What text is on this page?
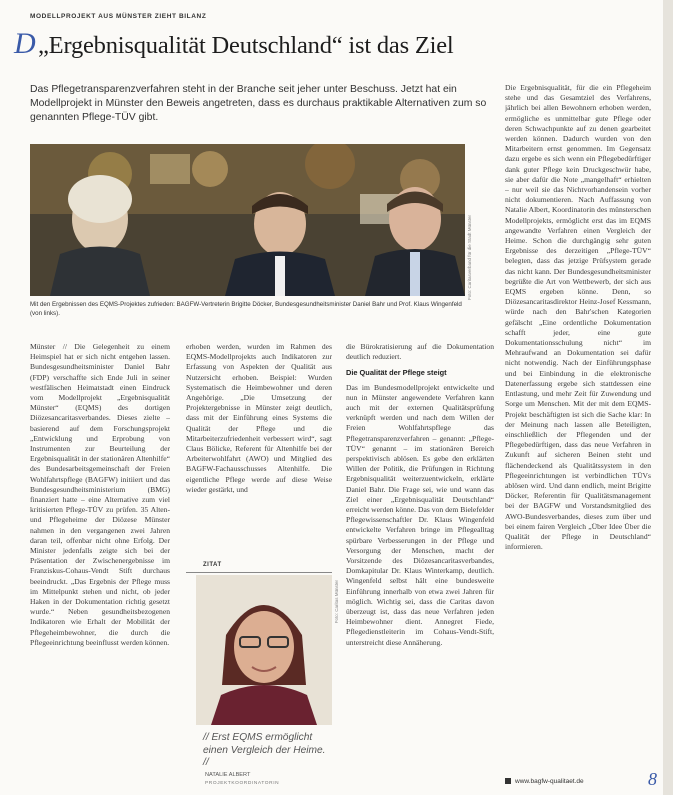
D
MODELLPROJEKT AUS MÜNSTER ZIEHT BILANZ
„Ergebnisqualität Deutschland“ ist das Ziel
Das Pflegetransparenzverfahren steht in der Branche seit jeher unter Beschuss. Jetzt hat ein Modellprojekt in Münster den Beweis angetreten, dass es durchaus praktikable Alternativen zum so genannten Pflege-TÜV gibt.
Foto: Caritasverband für die Stadt Münster
Mit den Ergebnissen des EQMS-Projektes zufrieden: BAGFW-Vertreterin Brigitte Döcker, Bundesgesundheitsminister Daniel Bahr und Prof. Klaus Wingenfeld (von links).
Münster // Die Gelegenheit zu einem Heimspiel hat er sich nicht entgehen lassen. Bundesgesundheitsminister Daniel Bahr (FDP) verschaffte sich Ende Juli in seiner westfälischen Heimatstadt einen Eindruck vom Modellprojekt „Ergebnisqualität Münster“ (EQMS) des dortigen Diözesancaritasverbandes. Dieses zielte – basierend auf dem Forschungsprojekt „Entwicklung und Erprobung von Instrumenten zur Beurteilung der Ergebnisqualität in der stationären Altenhilfe“ des Bundesarbeitsgemeinschaft der Freien Wohlfahrtspflege (BAGFW) initiiert und das Bundesgesundheitsministerium (BMG) finanziert hatte – eine Alternative zum viel kritisierten Pflege-TÜV zu prüfen. 35 Alten- und Pflegeheime der Diözese Münster nahmen in den vergangenen zwei Jahren daran teil, offenbar nicht ohne Erfolg. Der Minister jedenfalls zeigte sich bei der Präsentation der Zwischenergebnisse im Franziskus-Cohaus-Vendt Stift durchaus beeindruckt. „Das Ergebnis der Pflege muss im Mittelpunkt stehen und nicht, ob jeder Haken in der Dokumentation richtig gesetzt wurde.“ Neben gesundheitsbezogenen Indikatoren wie Erhalt der Mobilität der Pflegeheimbewohner, die durch die Pflegeeinrichtung beeinflusst werden können.
erhoben werden, wurden im Rahmen des EQMS-Modellprojekts auch Indikatoren zur Erfassung von Aspekten der Qualität aus Nutzersicht erhoben. Beispiel: Wurden Systematisch die Heimbewohner und deren Angehörige. „Die Umsetzung der Projektergebnisse in Münster zeigt deutlich, dass mit der Einführung eines Systems die Qualität der Pflege und die Mitarbeiterzufriedenheit verbessert wird“, sagt Claus Bölicke, Referent für Altenhilfe bei der Arbeiterwohlfahrt (AWO) und Mitglied des BAGFW-Fachausschusses Altenhilfe. Die eigentliche Pflege werde auf diese Weise wieder gestärkt, und
die Bürokratisierung auf die Dokumentation deutlich reduziert.
Die Qualität der Pflege steigt
Das im Bundesmodellprojekt entwickelte und nun in Münster angewendete Verfahren kann auch mit der externen Qualitätsprüfung verknüpft werden und nach dem Willen der Freien Wohlfahrtspflege das Pflegetransparenzverfahren – genannt: „Pflege-TÜV“ genannt – im stationären Bereich perspektivisch ablösen. Es gebe den erklärten Willen der Politik, die Prüfungen in Richtung Ergebnisqualität weiterzuentwickeln, erklärte Daniel Bahr. Die Frage sei, wie und wann das Ziel einer „Ergebnisqualität Deutschland“ erreicht werden könne. Das von dem Bielefelder Pflegewissenschaftler Dr. Klaus Wingenfeld entwickelte Verfahren bringe im Pflegealltag spürbare Verbesserungen in der Pflege und Versorgung der Menschen, macht der Vorsitzende des Diözesancaritasverbandes, Domkapitular Dr. Klaus Winterkamp, deutlich. Wingenfeld selbst hält eine bundesweite Einführung innerhalb von etwa zwei Jahren für möglich. Wichtig sei, dass die Caritas davon überzeugt ist, dass das neue Verfahren jeden Heimbewohner dient. Annegret Fiede, Pflegedienstleiterin im Cohaus-Vendt-Stift, unterstreicht diese Annäherung.
Die Ergebnisqualität, für die ein Pflegeheim stehe und das Gesamtziel des Verfahrens, jährlich bei allen Bewohnern erhoben werden, ermögliche es unmittelbar gute Pflege oder deren Schwachpunkte auf zu denen gearbeitet werden können. Dadurch wurden von den Mitarbeitern ernst genommen. Im Gegensatz dazu ergebe es sich wenn ein Pflegebedürftiger dank guter Pflege kein Druckgeschwür habe, sie aber dafür die Note „mangelhaft“ erhielten – nur weil sie das Nichtvorhandensein vorher nicht dokumentieren. Nach Auffassung von Natalie Albert, Koordinatorin des münsterschen Modellprojekts, ermöglicht erst das im EQMS angewandte Verfahren einen Vergleich der Heime. Schon die durchgängig sehr guten Ergebnisse des derzeitigen „Pflege-TÜV“ belegten, dass das jetzige Prüfsystem gerade das nicht kann. Der Bundesgesundheitsminister begrüßte die Art von Wettbewerb, der sich aus EQMS ergeben könne. Denn, so Diözesancaritasdirektor Heinz-Josef Kessmann, würde nach den Bahr'schen Kategorien gefälscht „Eine ordentliche Dokumentation schafft jeder, eine gute Dokumentationsschulung nicht“ im Mehraufwand an Dokumentation sei dafür nicht notwendig. Nach der Einführungsphase und bei Einbindung in die elektronische Datenerfassung ergebe sich stattdessen eine Entlastung, und mehr Zeit für Zuwendung und Sorge um Menschen. Mit der mit dem EQMS-Projekt beschäftigten ist sich die Sache klar: In der Meinung nach lassen alle Beteiligten, einschließlich der Pflegenden und der Pflegebedürftigen, dass das neue Verfahren in Zukunft auf sicheren Beinen steht und flächendeckend als Qualitätssystem in den Pflegeeinrichtungen ist verbindlichen TÜVs ablösen wird. Und dann endlich, meint Brigitte Döcker, Referentin für Qualitätsmanagement bei der BAGFW und Vorstandsmitglied des AWO-Bundesverbandes, dieses zum über und bei einem fairen Vergleich „Über Idee Über die Qualität der Pflege in Deutschland“ informieren.
ZITAT
Foto: Caritas Münster
// Erst EQMS ermöglicht einen Vergleich der Heime. //
NATALIE ALBERT
PROJEKTKOORDINATORIN	www.bagfw-qualitaet.de	8
